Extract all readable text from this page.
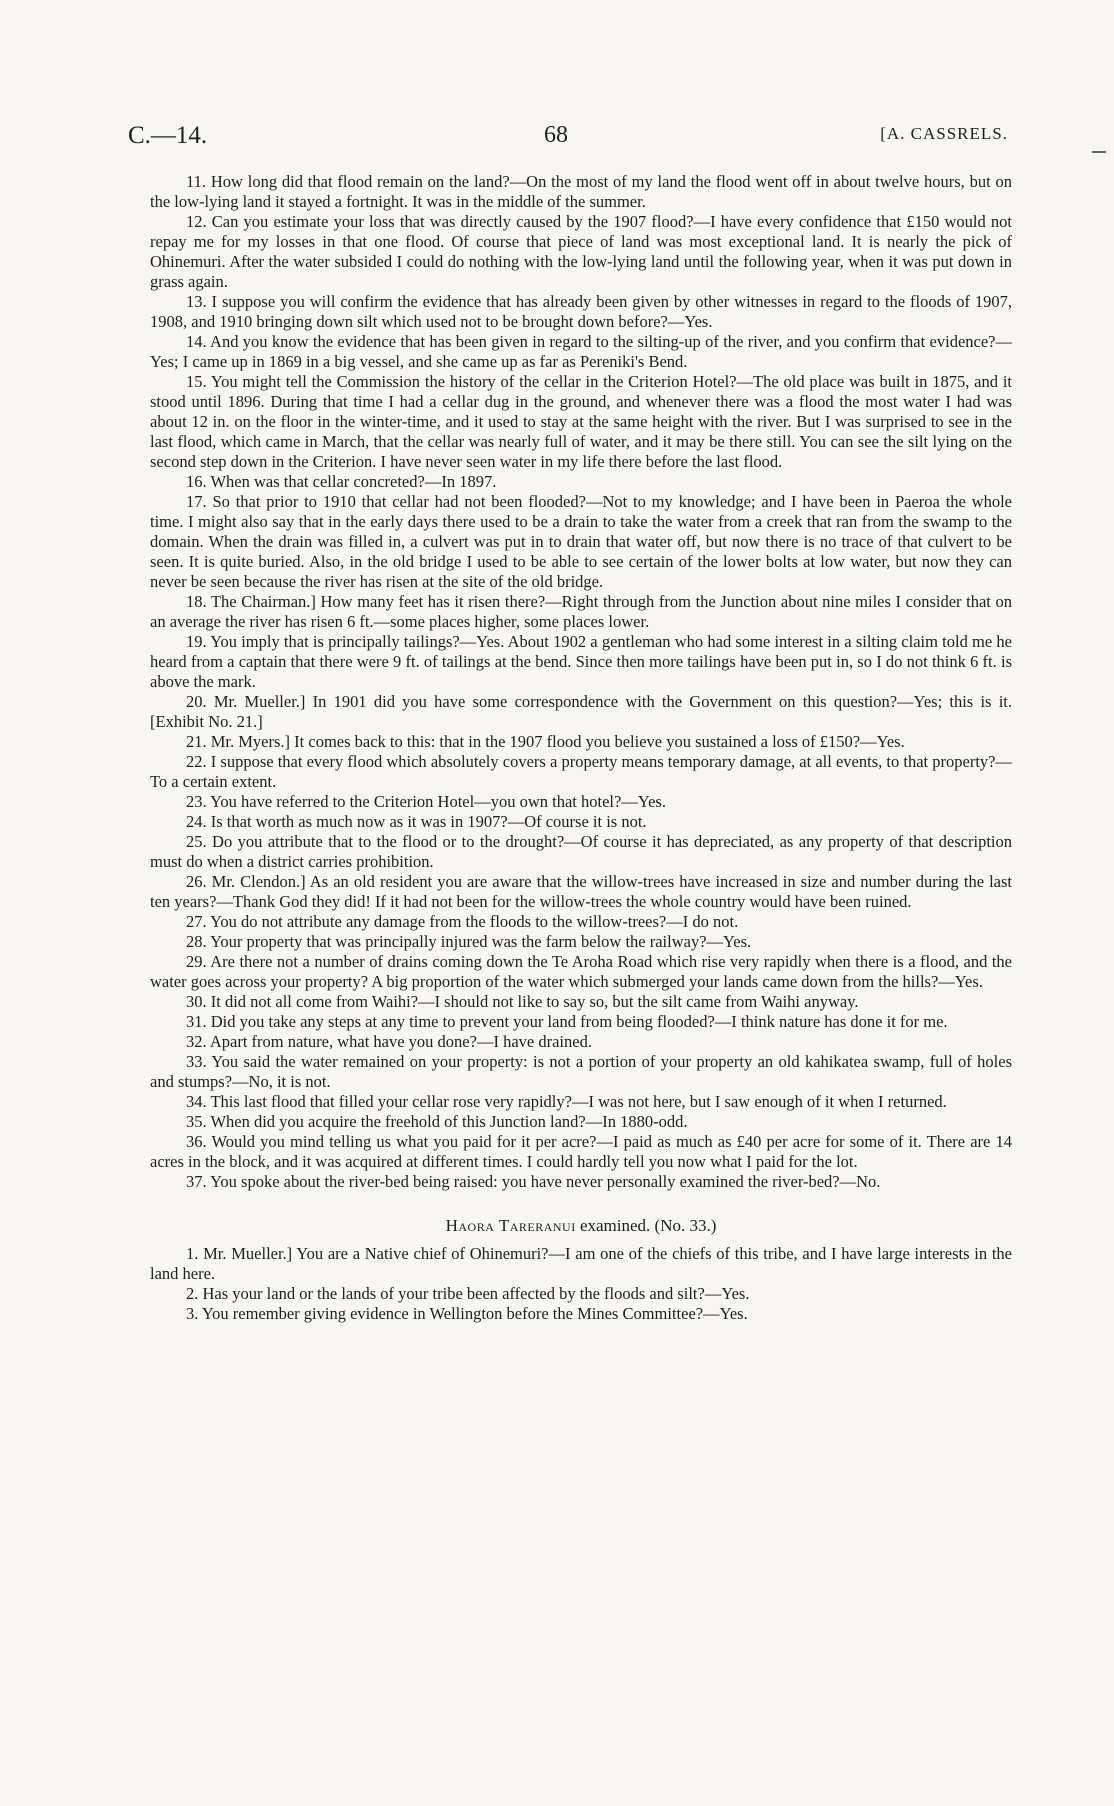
C.—14.	68	[A. CASSRELS.

11. How long did that flood remain on the land?—On the most of my land the flood went off in about twelve hours, but on the low-lying land it stayed a fortnight. It was in the middle of the summer.

12. Can you estimate your loss that was directly caused by the 1907 flood?—I have every confidence that £150 would not repay me for my losses in that one flood. Of course that piece of land was most exceptional land. It is nearly the pick of Ohinemuri. After the water subsided I could do nothing with the low-lying land until the following year, when it was put down in grass again.

13. I suppose you will confirm the evidence that has already been given by other witnesses in regard to the floods of 1907, 1908, and 1910 bringing down silt which used not to be brought down before?—Yes.

14. And you know the evidence that has been given in regard to the silting-up of the river, and you confirm that evidence?—Yes; I came up in 1869 in a big vessel, and she came up as far as Pereniki's Bend.

15. You might tell the Commission the history of the cellar in the Criterion Hotel?—The old place was built in 1875, and it stood until 1896. During that time I had a cellar dug in the ground, and whenever there was a flood the most water I had was about 12 in. on the floor in the winter-time, and it used to stay at the same height with the river. But I was surprised to see in the last flood, which came in March, that the cellar was nearly full of water, and it may be there still. You can see the silt lying on the second step down in the Criterion. I have never seen water in my life there before the last flood.

16. When was that cellar concreted?—In 1897.

17. So that prior to 1910 that cellar had not been flooded?—Not to my knowledge; and I have been in Paeroa the whole time. I might also say that in the early days there used to be a drain to take the water from a creek that ran from the swamp to the domain. When the drain was filled in, a culvert was put in to drain that water off, but now there is no trace of that culvert to be seen. It is quite buried. Also, in the old bridge I used to be able to see certain of the lower bolts at low water, but now they can never be seen because the river has risen at the site of the old bridge.

18. The Chairman.] How many feet has it risen there?—Right through from the Junction about nine miles I consider that on an average the river has risen 6 ft.—some places higher, some places lower.

19. You imply that is principally tailings?—Yes. About 1902 a gentleman who had some interest in a silting claim told me he heard from a captain that there were 9 ft. of tailings at the bend. Since then more tailings have been put in, so I do not think 6 ft. is above the mark.

20. Mr. Mueller.] In 1901 did you have some correspondence with the Government on this question?—Yes; this is it. [Exhibit No. 21.]

21. Mr. Myers.] It comes back to this: that in the 1907 flood you believe you sustained a loss of £150?—Yes.

22. I suppose that every flood which absolutely covers a property means temporary damage, at all events, to that property?—To a certain extent.

23. You have referred to the Criterion Hotel—you own that hotel?—Yes.

24. Is that worth as much now as it was in 1907?—Of course it is not.

25. Do you attribute that to the flood or to the drought?—Of course it has depreciated, as any property of that description must do when a district carries prohibition.

26. Mr. Clendon.] As an old resident you are aware that the willow-trees have increased in size and number during the last ten years?—Thank God they did! If it had not been for the willow-trees the whole country would have been ruined.

27. You do not attribute any damage from the floods to the willow-trees?—I do not.

28. Your property that was principally injured was the farm below the railway?—Yes.

29. Are there not a number of drains coming down the Te Aroha Road which rise very rapidly when there is a flood, and the water goes across your property? A big proportion of the water which submerged your lands came down from the hills?—Yes.

30. It did not all come from Waihi?—I should not like to say so, but the silt came from Waihi anyway.

31. Did you take any steps at any time to prevent your land from being flooded?—I think nature has done it for me.

32. Apart from nature, what have you done?—I have drained.

33. You said the water remained on your property: is not a portion of your property an old kahikatea swamp, full of holes and stumps?—No, it is not.

34. This last flood that filled your cellar rose very rapidly?—I was not here, but I saw enough of it when I returned.

35. When did you acquire the freehold of this Junction land?—In 1880-odd.

36. Would you mind telling us what you paid for it per acre?—I paid as much as £40 per acre for some of it. There are 14 acres in the block, and it was acquired at different times. I could hardly tell you now what I paid for the lot.

37. You spoke about the river-bed being raised: you have never personally examined the river-bed?—No.

Haora Tareranui examined. (No. 33.)

1. Mr. Mueller.] You are a Native chief of Ohinemuri?—I am one of the chiefs of this tribe, and I have large interests in the land here.

2. Has your land or the lands of your tribe been affected by the floods and silt?—Yes.

3. You remember giving evidence in Wellington before the Mines Committee?—Yes.
